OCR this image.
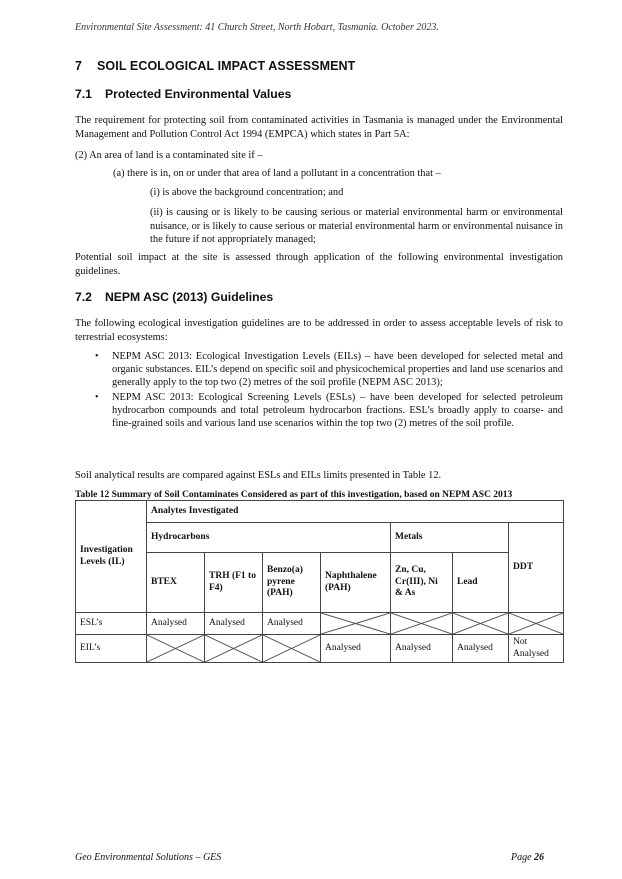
Environmental Site Assessment: 41 Church Street, North Hobart, Tasmania. October 2023.
7 SOIL ECOLOGICAL IMPACT ASSESSMENT
7.1 Protected Environmental Values
The requirement for protecting soil from contaminated activities in Tasmania is managed under the Environmental Management and Pollution Control Act 1994 (EMPCA) which states in Part 5A:
(2) An area of land is a contaminated site if –
(a) there is in, on or under that area of land a pollutant in a concentration that –
(i) is above the background concentration; and
(ii) is causing or is likely to be causing serious or material environmental harm or environmental nuisance, or is likely to cause serious or material environmental harm or environmental nuisance in the future if not appropriately managed;
Potential soil impact at the site is assessed through application of the following environmental investigation guidelines.
7.2 NEPM ASC (2013) Guidelines
The following ecological investigation guidelines are to be addressed in order to assess acceptable levels of risk to terrestrial ecosystems:
• NEPM ASC 2013: Ecological Investigation Levels (EILs) – have been developed for selected metal and organic substances. EIL’s depend on specific soil and physicochemical properties and land use scenarios and generally apply to the top two (2) metres of the soil profile (NEPM ASC 2013);
• NEPM ASC 2013: Ecological Screening Levels (ESLs) – have been developed for selected petroleum hydrocarbon compounds and total petroleum hydrocarbon fractions. ESL’s broadly apply to coarse- and fine-grained soils and various land use scenarios within the top two (2) metres of the soil profile.
Soil analytical results are compared against ESLs and EILs limits presented in Table 12.
Table 12 Summary of Soil Contaminates Considered as part of this investigation, based on NEPM ASC 2013
Investigation Levels (IL)	Analytes Investigated						
	Hydrocarbons				Metals		DDT
	BTEX	TRH (F1 to F4)	Benzo(a) pyrene (PAH)	Naphthalene (PAH)	Zn, Cu, Cr(III), Ni & As	Lead	
ESL’s	Analysed	Analysed	Analysed	

EIL’s				Analysed	Analysed	Analysed	Not Analysed
Geo Environmental Solutions – GES	Page 26
